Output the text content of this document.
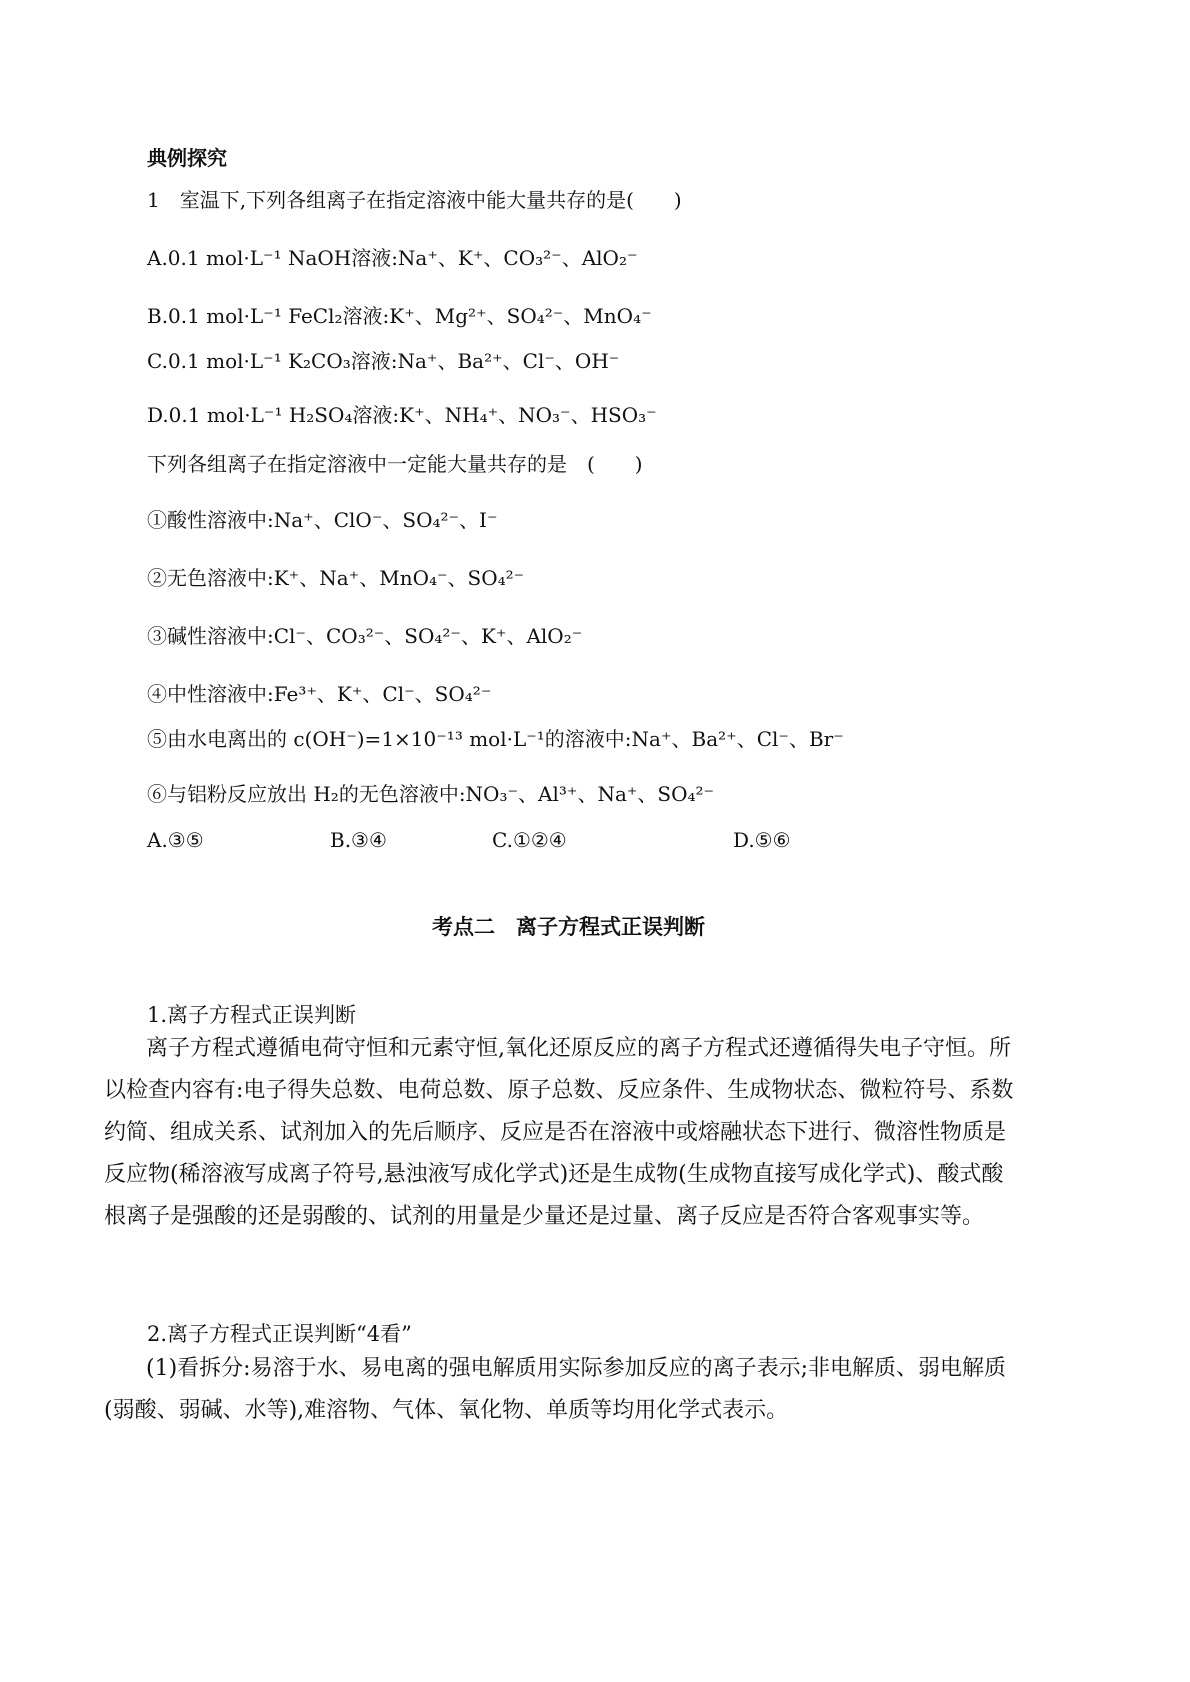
典例探究
1　室温下,下列各组离子在指定溶液中能大量共存的是(　　)
A.0.1 mol·L⁻¹ NaOH溶液:Na⁺、K⁺、CO₃²⁻、AlO₂⁻
B.0.1 mol·L⁻¹ FeCl₂溶液:K⁺、Mg²⁺、SO₄²⁻、MnO₄⁻
C.0.1 mol·L⁻¹ K₂CO₃溶液:Na⁺、Ba²⁺、Cl⁻、OH⁻
D.0.1 mol·L⁻¹ H₂SO₄溶液:K⁺、NH₄⁺、NO₃⁻、HSO₃⁻
下列各组离子在指定溶液中一定能大量共存的是　(　　)
①酸性溶液中:Na⁺、ClO⁻、SO₄²⁻、I⁻
②无色溶液中:K⁺、Na⁺、MnO₄⁻、SO₄²⁻
③碱性溶液中:Cl⁻、CO₃²⁻、SO₄²⁻、K⁺、AlO₂⁻
④中性溶液中:Fe³⁺、K⁺、Cl⁻、SO₄²⁻
⑤由水电离出的 c(OH⁻)=1×10⁻¹³ mol·L⁻¹的溶液中:Na⁺、Ba²⁺、Cl⁻、Br⁻
⑥与铝粉反应放出 H₂的无色溶液中:NO₃⁻、Al³⁺、Na⁺、SO₄²⁻
A.③⑤	B.③④	C.①②④	D.⑤⑥
考点二　离子方程式正误判断
1.离子方程式正误判断
离子方程式遵循电荷守恒和元素守恒,氧化还原反应的离子方程式还遵循得失电子守恒。所以检查内容有:电子得失总数、电荷总数、原子总数、反应条件、生成物状态、微粒符号、系数约简、组成关系、试剂加入的先后顺序、反应是否在溶液中或熔融状态下进行、微溶性物质是反应物(稀溶液写成离子符号,悬浊液写成化学式)还是生成物(生成物直接写成化学式)、酸式酸根离子是强酸的还是弱酸的、试剂的用量是少量还是过量、离子反应是否符合客观事实等。
2.离子方程式正误判断“4看”
(1)看拆分:易溶于水、易电离的强电解质用实际参加反应的离子表示;非电解质、弱电解质(弱酸、弱碱、水等),难溶物、气体、氧化物、单质等均用化学式表示。
